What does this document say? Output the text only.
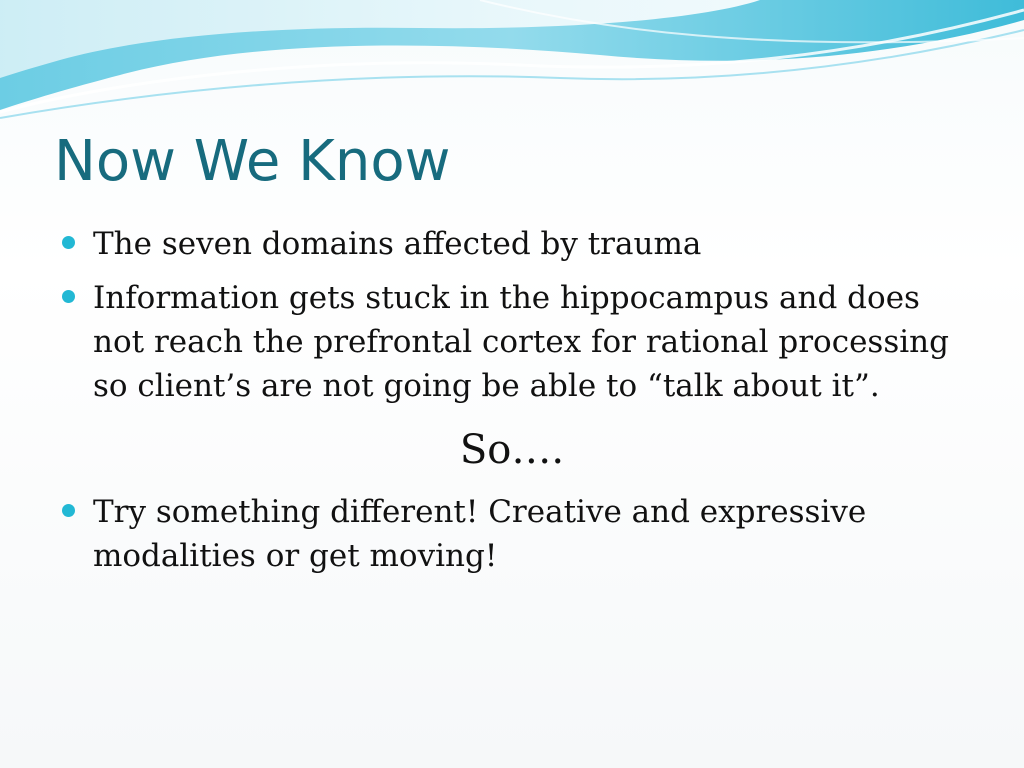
Now We Know
The seven domains affected by trauma
Information gets stuck in the hippocampus and does not reach the prefrontal cortex for rational processing so client’s are not going be able to “talk about it”.
So….
Try something different! Creative and expressive modalities or get moving!
